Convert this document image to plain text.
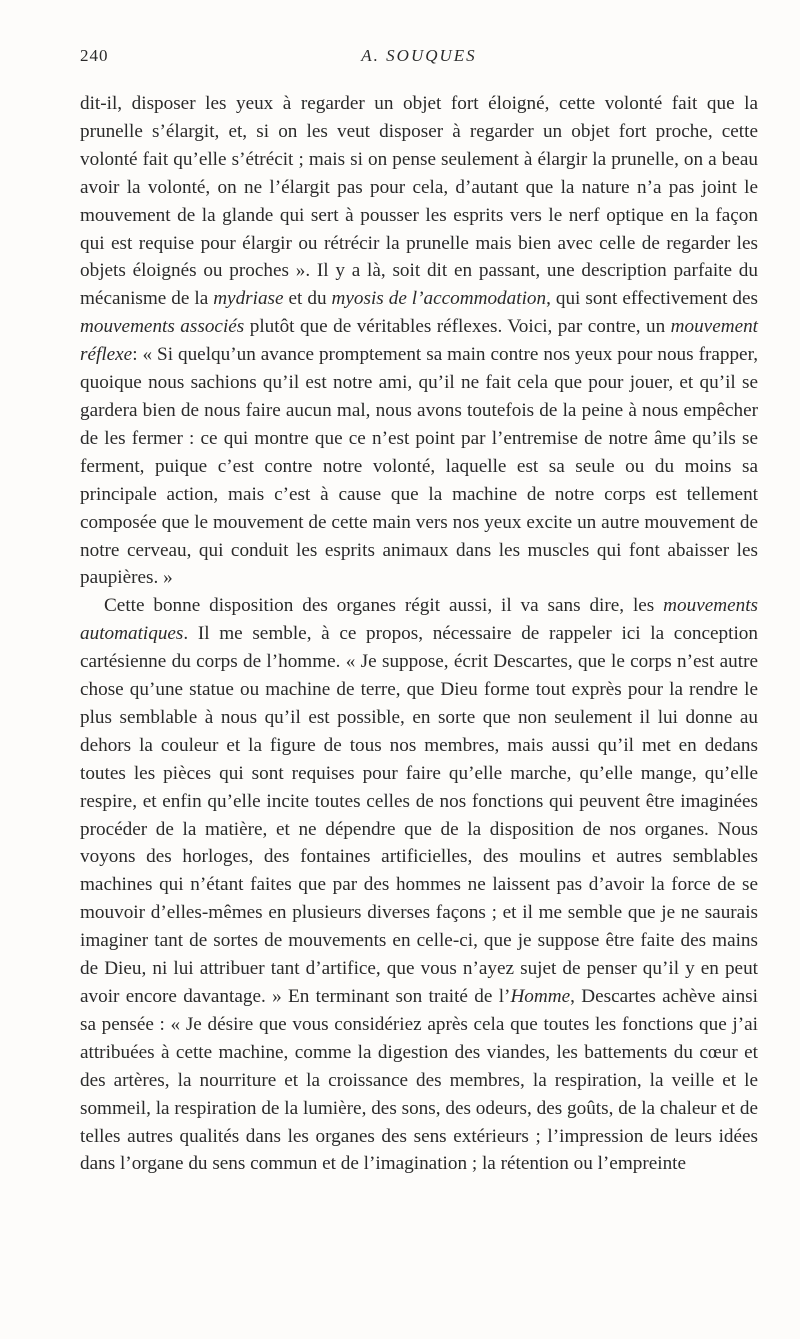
240	A. SOUQUES

dit-il, disposer les yeux à regarder un objet fort éloigné, cette volonté fait que la prunelle s’élargit, et, si on les veut disposer à regarder un objet fort proche, cette volonté fait qu’elle s’étrécit ; mais si on pense seulement à élargir la prunelle, on a beau avoir la volonté, on ne l’élargit pas pour cela, d’autant que la nature n’a pas joint le mouvement de la glande qui sert à pousser les esprits vers le nerf optique en la façon qui est requise pour élargir ou rétrécir la prunelle mais bien avec celle de regarder les objets éloignés ou proches ». Il y a là, soit dit en passant, une description parfaite du mécanisme de la mydriase et du myosis de l’accommodation, qui sont effectivement des mouvements associés plutôt que de véritables réflexes. Voici, par contre, un mouvement réflexe: « Si quelqu’un avance promptement sa main contre nos yeux pour nous frapper, quoique nous sachions qu’il est notre ami, qu’il ne fait cela que pour jouer, et qu’il se gardera bien de nous faire aucun mal, nous avons toutefois de la peine à nous empêcher de les fermer : ce qui montre que ce n’est point par l’entremise de notre âme qu’ils se ferment, puique c’est contre notre volonté, laquelle est sa seule ou du moins sa principale action, mais c’est à cause que la machine de notre corps est tellement composée que le mouvement de cette main vers nos yeux excite un autre mouvement de notre cerveau, qui conduit les esprits animaux dans les muscles qui font abaisser les paupières. »

Cette bonne disposition des organes régit aussi, il va sans dire, les mouvements automatiques. Il me semble, à ce propos, nécessaire de rappeler ici la conception cartésienne du corps de l’homme. « Je suppose, écrit Descartes, que le corps n’est autre chose qu’une statue ou machine de terre, que Dieu forme tout exprès pour la rendre le plus semblable à nous qu’il est possible, en sorte que non seulement il lui donne au dehors la couleur et la figure de tous nos membres, mais aussi qu’il met en dedans toutes les pièces qui sont requises pour faire qu’elle marche, qu’elle mange, qu’elle respire, et enfin qu’elle incite toutes celles de nos fonctions qui peuvent être imaginées procéder de la matière, et ne dépendre que de la disposition de nos organes. Nous voyons des horloges, des fontaines artificielles, des moulins et autres semblables machines qui n’étant faites que par des hommes ne laissent pas d’avoir la force de se mouvoir d’elles-mêmes en plusieurs diverses façons ; et il me semble que je ne saurais imaginer tant de sortes de mouvements en celle-ci, que je suppose être faite des mains de Dieu, ni lui attribuer tant d’artifice, que vous n’ayez sujet de penser qu’il y en peut avoir encore davantage. » En terminant son traité de l’Homme, Descartes achève ainsi sa pensée : « Je désire que vous considériez après cela que toutes les fonctions que j’ai attribuées à cette machine, comme la digestion des viandes, les battements du cœur et des artères, la nourriture et la croissance des membres, la respiration, la veille et le sommeil, la respiration de la lumière, des sons, des odeurs, des goûts, de la chaleur et de telles autres qualités dans les organes des sens extérieurs ; l’impression de leurs idées dans l’organe du sens commun et de l’imagination ; la rétention ou l’empreinte
